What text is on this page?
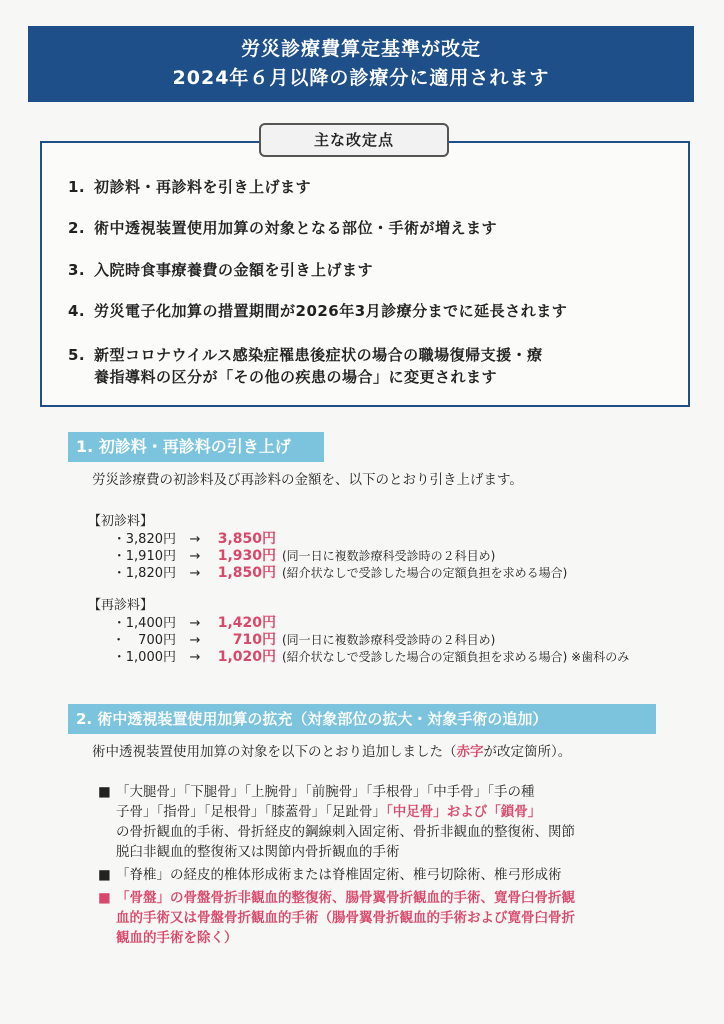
労災診療費算定基準が改定
2024年６月以降の診療分に適用されます
主な改定点
1. 初診料・再診料を引き上げます
2. 術中透視装置使用加算の対象となる部位・手術が増えます
3. 入院時食事療養費の金額を引き上げます
4. 労災電子化加算の措置期間が2026年3月診療分までに延長されます
5. 新型コロナウイルス感染症罹患後症状の場合の職場復帰支援・療
養指導料の区分が「その他の疾患の場合」に変更されます
1. 初診料・再診料の引き上げ
労災診療費の初診料及び再診料の金額を、以下のとおり引き上げます。
【初診料】
・3,820円 → 3,850円
・1,910円 → 1,930円 (同一日に複数診療科受診時の２科目め)
・1,820円 → 1,850円 (紹介状なしで受診した場合の定額負担を求める場合)
【再診料】
・1,400円 → 1,420円
・　700円 → 710円 (同一日に複数診療科受診時の２科目め)
・1,000円 → 1,020円 (紹介状なしで受診した場合の定額負担を求める場合) ※歯科のみ
2. 術中透視装置使用加算の拡充（対象部位の拡大・対象手術の追加）
術中透視装置使用加算の対象を以下のとおり追加しました（赤字が改定箇所）。
■ 「大腿骨」「下腿骨」「上腕骨」「前腕骨」「手根骨」「中手骨」「手の種
子骨」「指骨」「足根骨」「膝蓋骨」「足趾骨」「中足骨」および「鎖骨」
の骨折観血的手術、骨折経皮的鋼線刺入固定術、骨折非観血的整復術、関節
脱臼非観血的整復術又は関節内骨折観血的手術
■ 「脊椎」の経皮的椎体形成術または脊椎固定術、椎弓切除術、椎弓形成術
■ 「骨盤」の骨盤骨折非観血的整復術、腸骨翼骨折観血的手術、寛骨臼骨折観
血的手術又は骨盤骨折観血的手術（腸骨翼骨折観血的手術および寛骨臼骨折
観血的手術を除く）
